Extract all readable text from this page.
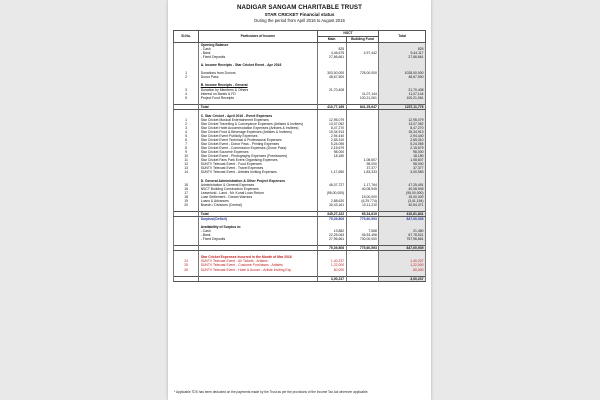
NADIGAR SANGAM CHARITABLE TRUST
STAR CRICKET Financial status
During the period from April 2016 to August 2016
Sl.No.	Particulars of Income	NSCT		Total
		Main	Building Fund	
	Opening Balance			
	- Cash	825		825
	- Bank	4,46,675	4,97,442	9,44,117
	- Fixed Deposits	27,66,661		27,66,661

	A. Income Receipts - Star Cricket Event - Apr 2016			

1	Donations from Donors	303,00,000	725,00,000	1028,00,000
2	Donor Pass	48,67,500		48,67,500

	B. Income Receipts - General			
3	Donation by Members & Others	21,70,408		21,70,408
4	Interest on Banks & FD		11,07,144	11,07,144
5	Project Fund Receipts		100,21,061	100,21,061

	Total	410,77,169	841,25,647	1237,11,776

	C. Star Cricket - April 2016 - Event Expenses			
1	Star Cricket Musical Entertainment Expenses	12,95,079		12,95,079
2	Star Cricket Travelling & Conveyance Expenses (Artistes & Invitees)	13,07,052		13,07,052
3	Star Cricket Hotel Accommodation Expenses (Artistes & Invitees)	8,47,270		8,47,270
4	Star Cricket Food & Beverage Expenses (Artistes & Invitees)	15,34,913		15,34,913
5	Star Cricket Event Publicity Expenses	2,94,440		2,94,440
6	Star Cricket Event Technical & Professional Expenses	2,65,310		2,65,310
7	Star Cricket Event - Donor Pass - Printing Expenses	5,24,055		5,24,055
8	Star Cricket Event - Commission Expenses (Donor Pass)	2,15,679		2,15,679
9	Star Cricket Souvenir Expenses	98,000		98,000
10	Star Cricket Event - Photography Expenses (Freelancers)	18,180		18,180
11	Star Cricket Fans Park Event Organising Expenses		1,08,607	1,08,607
12	SUNTV Telecast Event - Food Expenses		98,000	98,000
13	SUNTV Telecast Event - Travel Expenses		37,377	37,377
14	SUNTV Telecast Event - Artistes Inviting Expenses	1,17,650	1,83,333	3,00,983

	D. General Administration & Other Project Expenses			
15	Administration & General Expenses	46,07,727	1,17,764	47,25,491
16	NSCT Building Construction Expenses		40,08,945	40,08,945
17	Leasehold - Land - Mr. Kunal Loan Return	(95,00,000)		(95,00,000)
18	Loan Settlement - Dream Warriors		15,00,000	15,00,000
19	Loans & Advances	2,88,620	(6,29,774)	(3,41,154)
20	Branch / Divisions (Central)	30,43,161	10,11,210	40,54,371

	Total	345,27,222	65,34,619	410,61,841
	Surplus/(Deficit)	75,39,806	775,60,593	847,00,939

	Availability of Surplus in:			
	- Cash	13,882	7,568	21,450
	- Bank	22,25,063	45,53,458	67,78,521
	- Fixed Deposits	27,96,661	730,00,000	757,96,661

		75,39,806	775,60,593	847,00,939

	Star Cricket Expenses incurred in the Month of Mar 2016			
24	SUNTV Telecast Event - Air Tickets - Artistes	1,40,237		1,40,237
25	SUNTV Telecast Event - Costume Purchases - Artistes	1,22,000		1,22,000
26	SUNTV Telecast Event - Hotel & Accom - Artiste Inviting Exp	60,000		60,000

		3,00,237		3,00,237
* Applicable TDS has been deducted on the payments made by the Trust as per the provisions of the Income Tax Act wherever applicable.
